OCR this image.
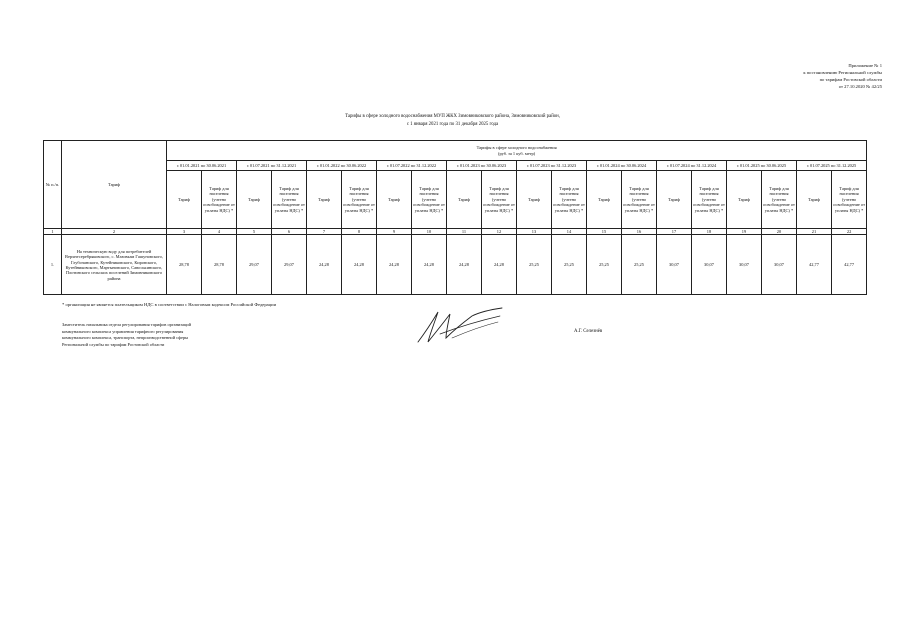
Приложение № 1
к постановлению Региональной службы
по тарифам Ростовской области
от 27.10.2020 № 42/25
Тарифы в сфере холодного водоснабжения МУП ЖКХ Зимовниковского района, Зимовниковский район,
с 1 января 2021 года по 31 декабря 2025 года
№ п./п.	Тариф	Тарифы в сфере холодного водоснабжения
(руб. за 1 куб. метр)																			

		с 01.01.2021 по 30.06.2021		с 01.07.2021 по 31.12.2021		с 01.01.2022 по 30.06.2022		с 01.07.2022 по 31.12.2022		с 01.01.2023 по 30.06.2023		с 01.07.2023 по 31.12.2023		с 01.01.2024 по 30.06.2024		с 01.07.2024 по 31.12.2024		с 01.01.2025 по 30.06.2025		с 01.07.2025 по 31.12.2025	
		Тариф	Тариф для населения (учтено освобождение от уплаты НДС) *	Тариф	Тариф для населения (учтено освобождение от уплаты НДС) *	Тариф	Тариф для населения (учтено освобождение от уплаты НДС) *	Тариф	Тариф для населения (учтено освобождение от уплаты НДС) *	Тариф	Тариф для населения (учтено освобождение от уплаты НДС) *	Тариф	Тариф для населения (учтено освобождение от уплаты НДС) *	Тариф	Тариф для населения (учтено освобождение от уплаты НДС) *	Тариф	Тариф для населения (учтено освобождение от уплаты НДС) *	Тариф	Тариф для населения (учтено освобождение от уплаты НДС) *	Тариф	Тариф для населения (учтено освобождение от уплаты НДС) *
1	2	3	4	5	6	7	8	9	10	11	12	13	14	15	16	17	18	19	20	21	22
1.	На техническую воду для потребителей Верхнесеребряковского, с. Мазовкам Гашуновского, Глубочанского, Кутейниковского, Кировского, Кутейниковского, Мартыновского, Савоськинского, Плотинского сельских поселений Зимовниковского района	28,78	28,78	29,07	29,07	24,28	24,28	24,28	24,28	24,28	24,28	25,25	25,25	25,25	25,25	30,07	30,07	30,07	30,07	42,77	42,77
* организация не является плательщиком НДС в соответствии с Налоговым кодексом Российской Федерации
Заместитель начальника отдела регулирования тарифов организаций
коммунального комплекса управления тарифного регулирования
коммунального комплекса, транспорта, непроизводственной сферы
Региональной службы по тарифам Ростовской области
А.Г. Селезнёв
